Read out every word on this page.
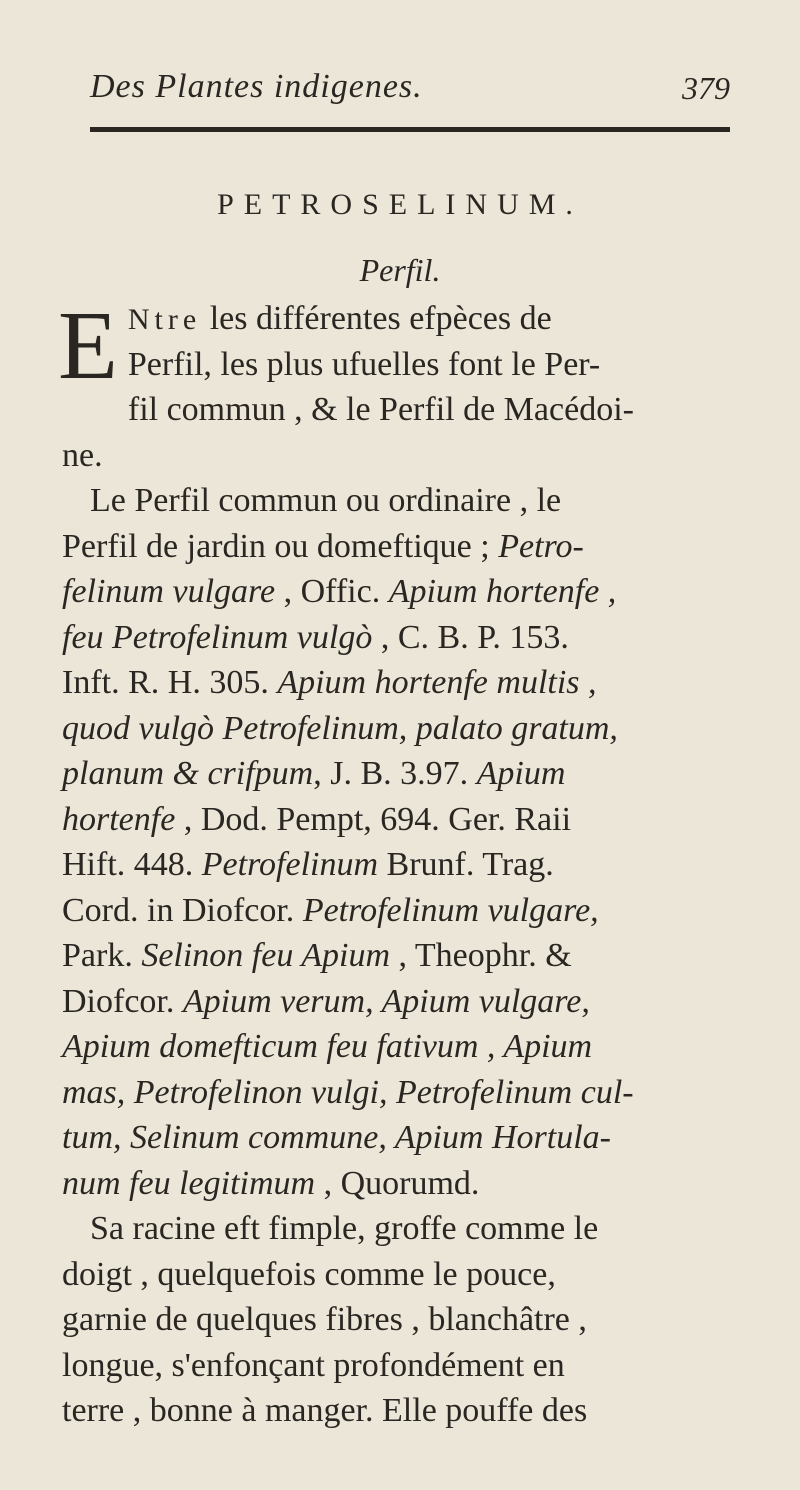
Des Plantes indigenes.	379
PETROSELINUM.
Perfil.
E Ntre les différentes efpèces de
Perfil, les plus ufuelles font le Per-
fil commun , & le Perfil de Macédoi-
ne.
Le Perfil commun ou ordinaire , le
Perfil de jardin ou domeftique ; Petro-
felinum vulgare , Offic. Apium hortenfe ,
feu Petrofelinum vulgò , C. B. P. 153.
Inft. R. H. 305. Apium hortenfe multis ,
quod vulgò Petrofelinum, palato gratum,
planum & crifpum, J. B. 3.97. Apium
hortenfe , Dod. Pempt, 694. Ger. Raii
Hift. 448. Petrofelinum Brunf. Trag.
Cord. in Diofcor. Petrofelinum vulgare,
Park. Selinon feu Apium , Theophr. &
Diofcor. Apium verum, Apium vulgare,
Apium domefticum feu fativum , Apium
mas, Petrofelinon vulgi, Petrofelinum cul-
tum, Selinum commune, Apium Hortula-
num feu legitimum , Quorumd.
Sa racine eft fimple, groffe comme le
doigt , quelquefois comme le pouce,
garnie de quelques fibres , blanchâtre ,
longue, s'enfonçant profondément en
terre , bonne à manger. Elle pouffe des
